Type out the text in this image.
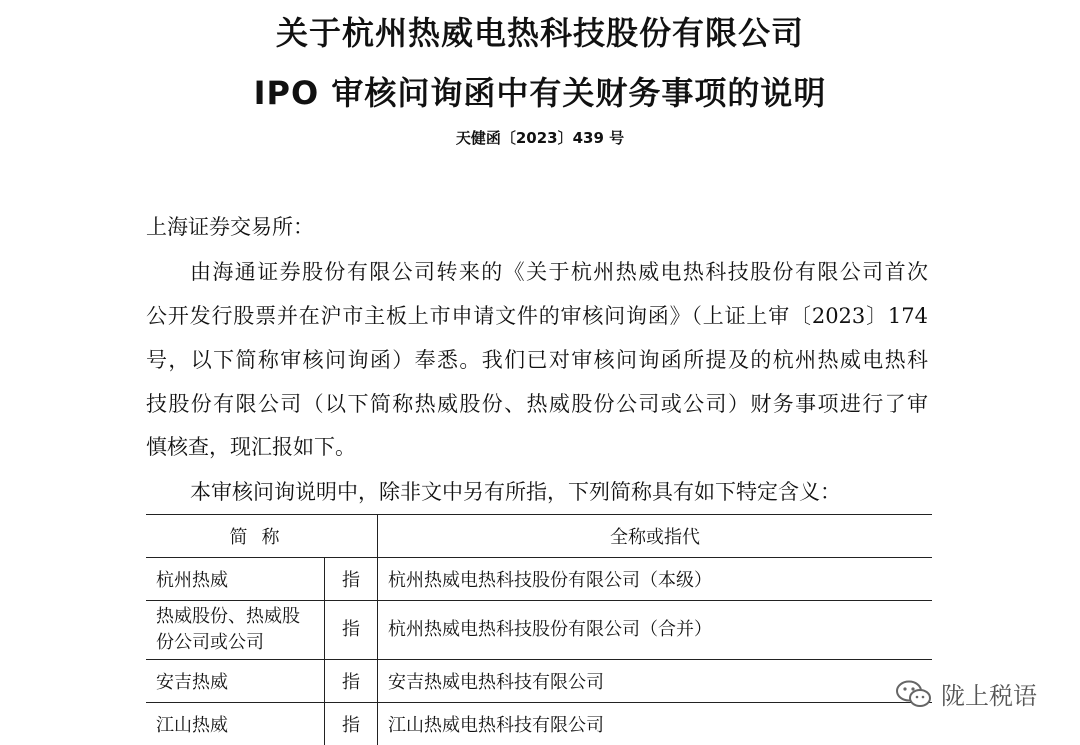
关于杭州热威电热科技股份有限公司
IPO 审核问询函中有关财务事项的说明
天健函〔2023〕439 号
上海证券交易所：
由海通证券股份有限公司转来的《关于杭州热威电热科技股份有限公司首次
公开发行股票并在沪市主板上市申请文件的审核问询函》（上证上审〔2023〕174
号，以下简称审核问询函）奉悉。我们已对审核问询函所提及的杭州热威电热科
技股份有限公司（以下简称热威股份、热威股份公司或公司）财务事项进行了审
慎核查，现汇报如下。
本审核问询说明中，除非文中另有所指，下列简称具有如下特定含义：
简称		全称或指代
杭州热威	指	杭州热威电热科技股份有限公司（本级）
热威股份、热威股份公司或公司	指	杭州热威电热科技股份有限公司（合并）
安吉热威	指	安吉热威电热科技有限公司
江山热威	指	江山热威电热科技有限公司
陇上税语
